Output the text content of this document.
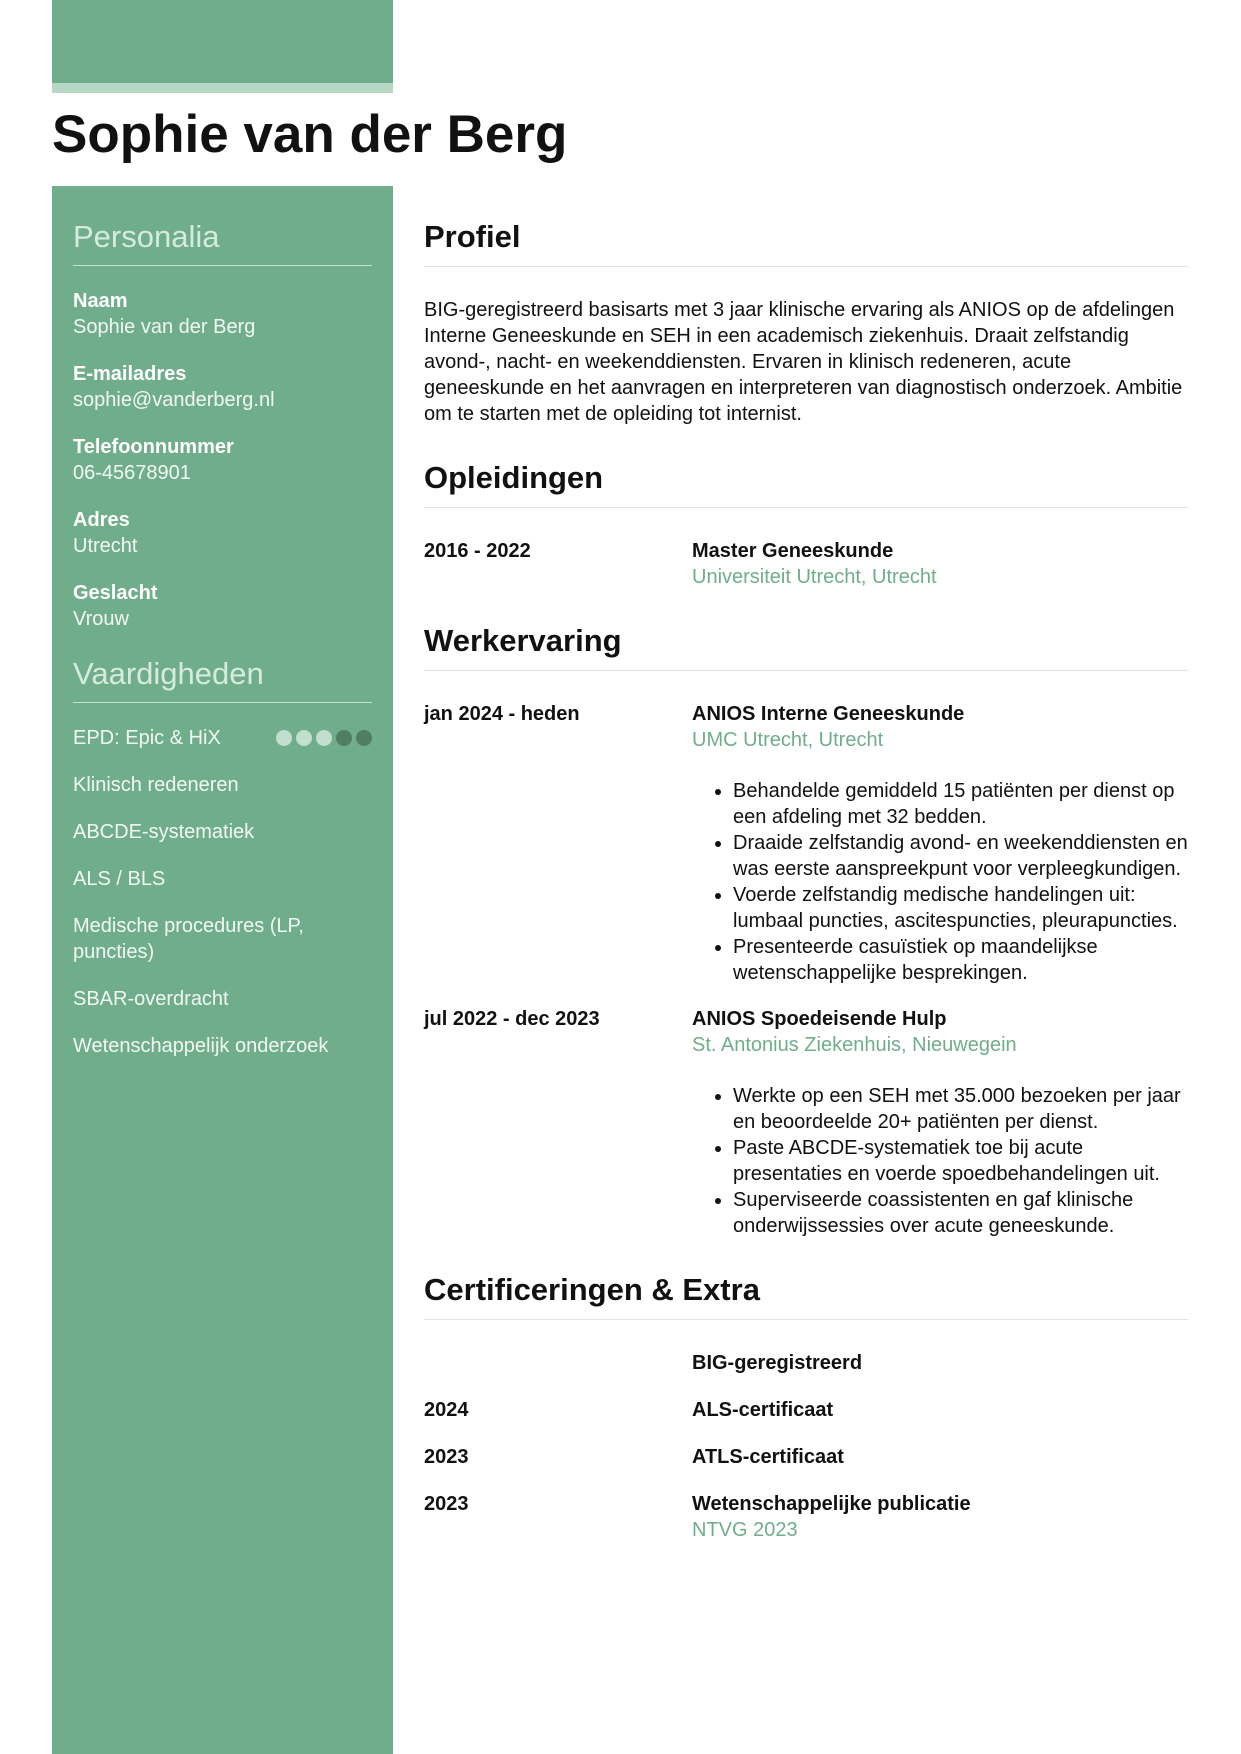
Sophie van der Berg
Personalia
Naam
Sophie van der Berg
E-mailadres
sophie@vanderberg.nl
Telefoonnummer
06-45678901
Adres
Utrecht
Geslacht
Vrouw
Vaardigheden
EPD: Epic & HiX
Klinisch redeneren
ABCDE-systematiek
ALS / BLS
Medische procedures (LP, puncties)
SBAR-overdracht
Wetenschappelijk onderzoek
Profiel

BIG-geregistreerd basisarts met 3 jaar klinische ervaring als ANIOS op de afdelingen Interne Geneeskunde en SEH in een academisch ziekenhuis. Draait zelfstandig avond-, nacht- en weekenddiensten. Ervaren in klinisch redeneren, acute geneeskunde en het aanvragen en interpreteren van diagnostisch onderzoek. Ambitie om te starten met de opleiding tot internist.

Opleidingen
2016 - 2022	Master Geneeskunde
Universiteit Utrecht, Utrecht
Werkervaring
jan 2024 - heden	ANIOS Interne Geneeskunde
UMC Utrecht, Utrecht
• Behandelde gemiddeld 15 patiënten per dienst op een afdeling met 32 bedden.
• Draaide zelfstandig avond- en weekenddiensten en was eerste aanspreekpunt voor verpleegkundigen.
• Voerde zelfstandig medische handelingen uit: lumbaal puncties, ascitespuncties, pleurapuncties.
• Presenteerde casuïstiek op maandelijkse wetenschappelijke besprekingen.
jul 2022 - dec 2023	ANIOS Spoedeisende Hulp
St. Antonius Ziekenhuis, Nieuwegein
• Werkte op een SEH met 35.000 bezoeken per jaar en beoordeelde 20+ patiënten per dienst.
• Paste ABCDE-systematiek toe bij acute presentaties en voerde spoedbehandelingen uit.
• Superviseerde coassistenten en gaf klinische onderwijssessies over acute geneeskunde.
Certificeringen & Extra
BIG-geregistreerd
2024	ALS-certificaat
2023	ATLS-certificaat
2023	Wetenschappelijke publicatie
NTVG 2023
